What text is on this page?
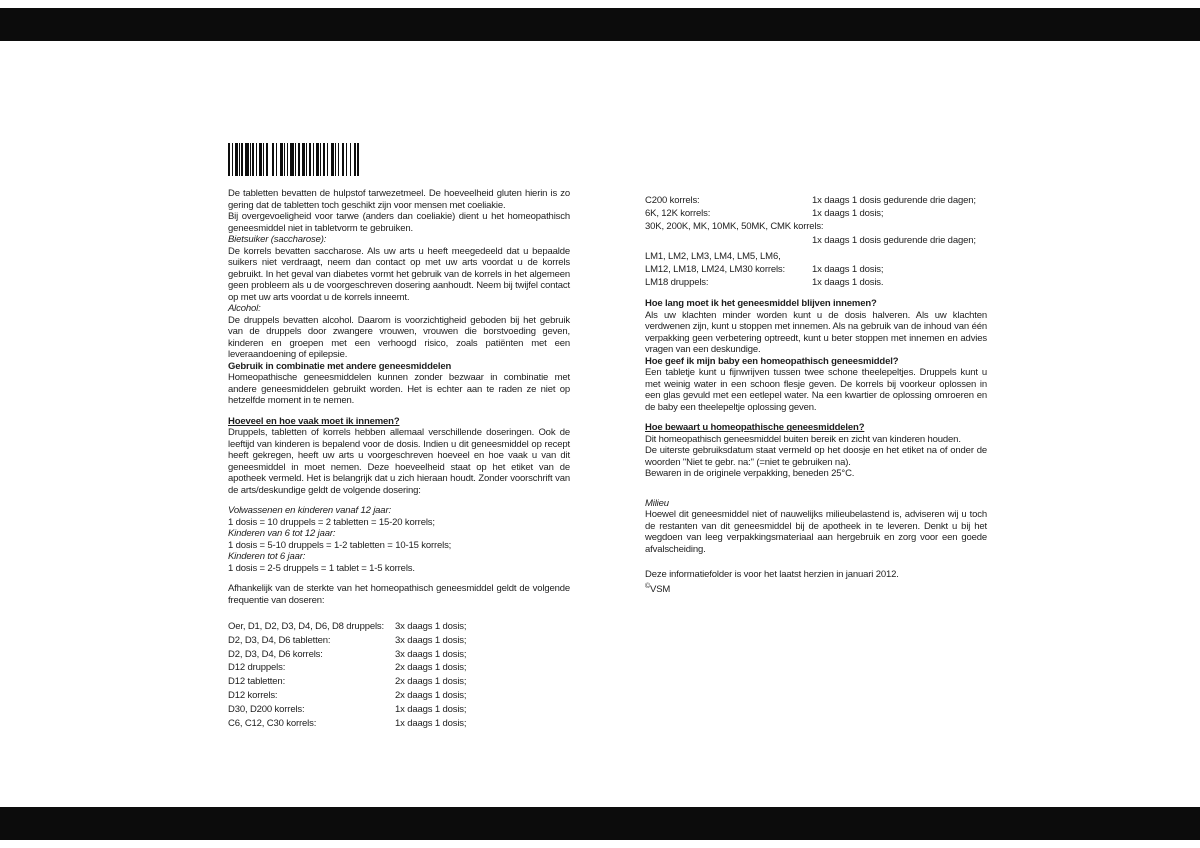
De tabletten bevatten de hulpstof tarwezetmeel. De hoeveelheid gluten hierin is zo gering dat de tabletten toch geschikt zijn voor mensen met coeliakie.
Bij overgevoeligheid voor tarwe (anders dan coeliakie) dient u het homeopathisch geneesmiddel niet in tabletvorm te gebruiken.
Bietsuiker (saccharose):
De korrels bevatten saccharose. Als uw arts u heeft meegedeeld dat u bepaalde suikers niet verdraagt, neem dan contact op met uw arts voordat u de korrels gebruikt. In het geval van diabetes vormt het gebruik van de korrels in het algemeen geen probleem als u de voorgeschreven dosering aanhoudt. Neem bij twijfel contact op met uw arts voordat u de korrels inneemt.
Alcohol:
De druppels bevatten alcohol. Daarom is voorzichtigheid geboden bij het gebruik van de druppels door zwangere vrouwen, vrouwen die borstvoeding geven, kinderen en groepen met een verhoogd risico, zoals patiënten met een leveraandoening of epilepsie.
Gebruik in combinatie met andere geneesmiddelen
Homeopathische geneesmiddelen kunnen zonder bezwaar in combinatie met andere geneesmiddelen gebruikt worden. Het is echter aan te raden ze niet op hetzelfde moment in te nemen.
Hoeveel en hoe vaak moet ik innemen?
Druppels, tabletten of korrels hebben allemaal verschillende doseringen. Ook de leeftijd van kinderen is bepalend voor de dosis. Indien u dit geneesmiddel op recept heeft gekregen, heeft uw arts u voorgeschreven hoeveel en hoe vaak u van dit geneesmiddel in moet nemen. Deze hoeveelheid staat op het etiket van de apotheek vermeld. Het is belangrijk dat u zich hieraan houdt. Zonder voorschrift van de arts/deskundige geldt de volgende dosering:
Volwassenen en kinderen vanaf 12 jaar:
1 dosis = 10 druppels = 2 tabletten = 15-20 korrels;
Kinderen van 6 tot 12 jaar:
1 dosis = 5-10 druppels = 1-2 tabletten = 10-15 korrels;
Kinderen tot 6 jaar:
1 dosis = 2-5 druppels = 1 tablet = 1-5 korrels.
Afhankelijk van de sterkte van het homeopathisch geneesmiddel geldt de volgende frequentie van doseren:
Oer, D1, D2, D3, D4, D6, D8 druppels:	3x daags 1 dosis;
D2, D3, D4, D6 tabletten:	3x daags 1 dosis;
D2, D3, D4, D6 korrels:	3x daags 1 dosis;
D12 druppels:	2x daags 1 dosis;
D12 tabletten:	2x daags 1 dosis;
D12 korrels:	2x daags 1 dosis;
D30, D200 korrels:	1x daags 1 dosis;
C6, C12, C30 korrels:	1x daags 1 dosis;
C200 korrels:	1x daags 1 dosis gedurende drie dagen;
6K, 12K korrels:	1x daags 1 dosis;
30K, 200K, MK, 10MK, 50MK, CMK korrels:
1x daags 1 dosis gedurende drie dagen;
LM1, LM2, LM3, LM4, LM5, LM6,
LM12, LM18, LM24, LM30 korrels:	1x daags 1 dosis;
LM18 druppels:	1x daags 1 dosis.
Hoe lang moet ik het geneesmiddel blijven innemen?
Als uw klachten minder worden kunt u de dosis halveren. Als uw klachten verdwenen zijn, kunt u stoppen met innemen. Als na gebruik van de inhoud van één verpakking geen verbetering optreedt, kunt u beter stoppen met innemen en advies vragen van een deskundige.
Hoe geef ik mijn baby een homeopathisch geneesmiddel?
Een tabletje kunt u fijnwrijven tussen twee schone theelepeltjes. Druppels kunt u met weinig water in een schoon flesje geven. De korrels bij voorkeur oplossen in een glas gevuld met een eetlepel water. Na een kwartier de oplossing omroeren en de baby een theelepeltje oplossing geven.
Hoe bewaart u homeopathische geneesmiddelen?
Dit homeopathisch geneesmiddel buiten bereik en zicht van kinderen houden.
De uiterste gebruiksdatum staat vermeld op het doosje en het etiket na of onder de woorden "Niet te gebr. na:" (=niet te gebruiken na).
Bewaren in de originele verpakking, beneden 25°C.
Milieu
Hoewel dit geneesmiddel niet of nauwelijks milieubelastend is, adviseren wij u toch de restanten van dit geneesmiddel bij de apotheek in te leveren. Denkt u bij het wegdoen van leeg verpakkingsmateriaal aan hergebruik en zorg voor een goede afvalscheiding.
Deze informatiefolder is voor het laatst herzien in januari 2012.
©VSM
